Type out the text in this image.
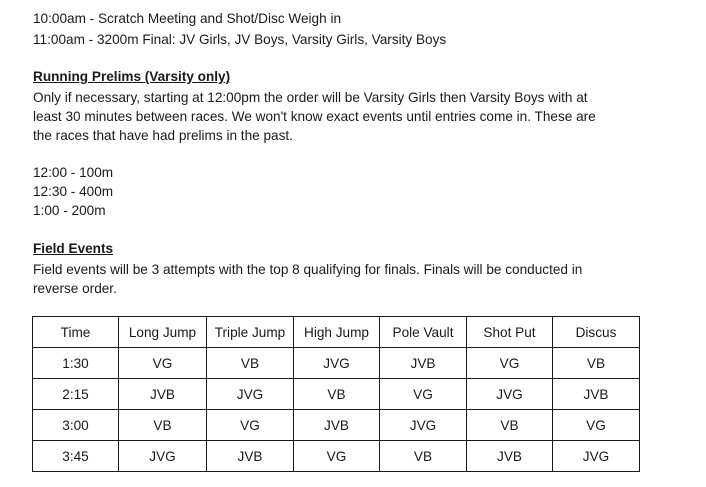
10:00am - Scratch Meeting and Shot/Disc Weigh in
11:00am - 3200m Final: JV Girls, JV Boys, Varsity Girls, Varsity Boys
Running Prelims (Varsity only)
Only if necessary, starting at 12:00pm the order will be Varsity Girls then Varsity Boys with at
least 30 minutes between races. We won't know exact events until entries come in. These are
the races that have had prelims in the past.
12:00 - 100m
12:30 - 400m
1:00 - 200m
Field Events
Field events will be 3 attempts with the top 8 qualifying for finals. Finals will be conducted in
reverse order.
Time	Long Jump	Triple Jump	High Jump	Pole Vault	Shot Put	Discus
1:30	VG	VB	JVG	JVB	VG	VB
2:15	JVB	JVG	VB	VG	JVG	JVB
3:00	VB	VG	JVB	JVG	VB	VG
3:45	JVG	JVB	VG	VB	JVB	JVG
